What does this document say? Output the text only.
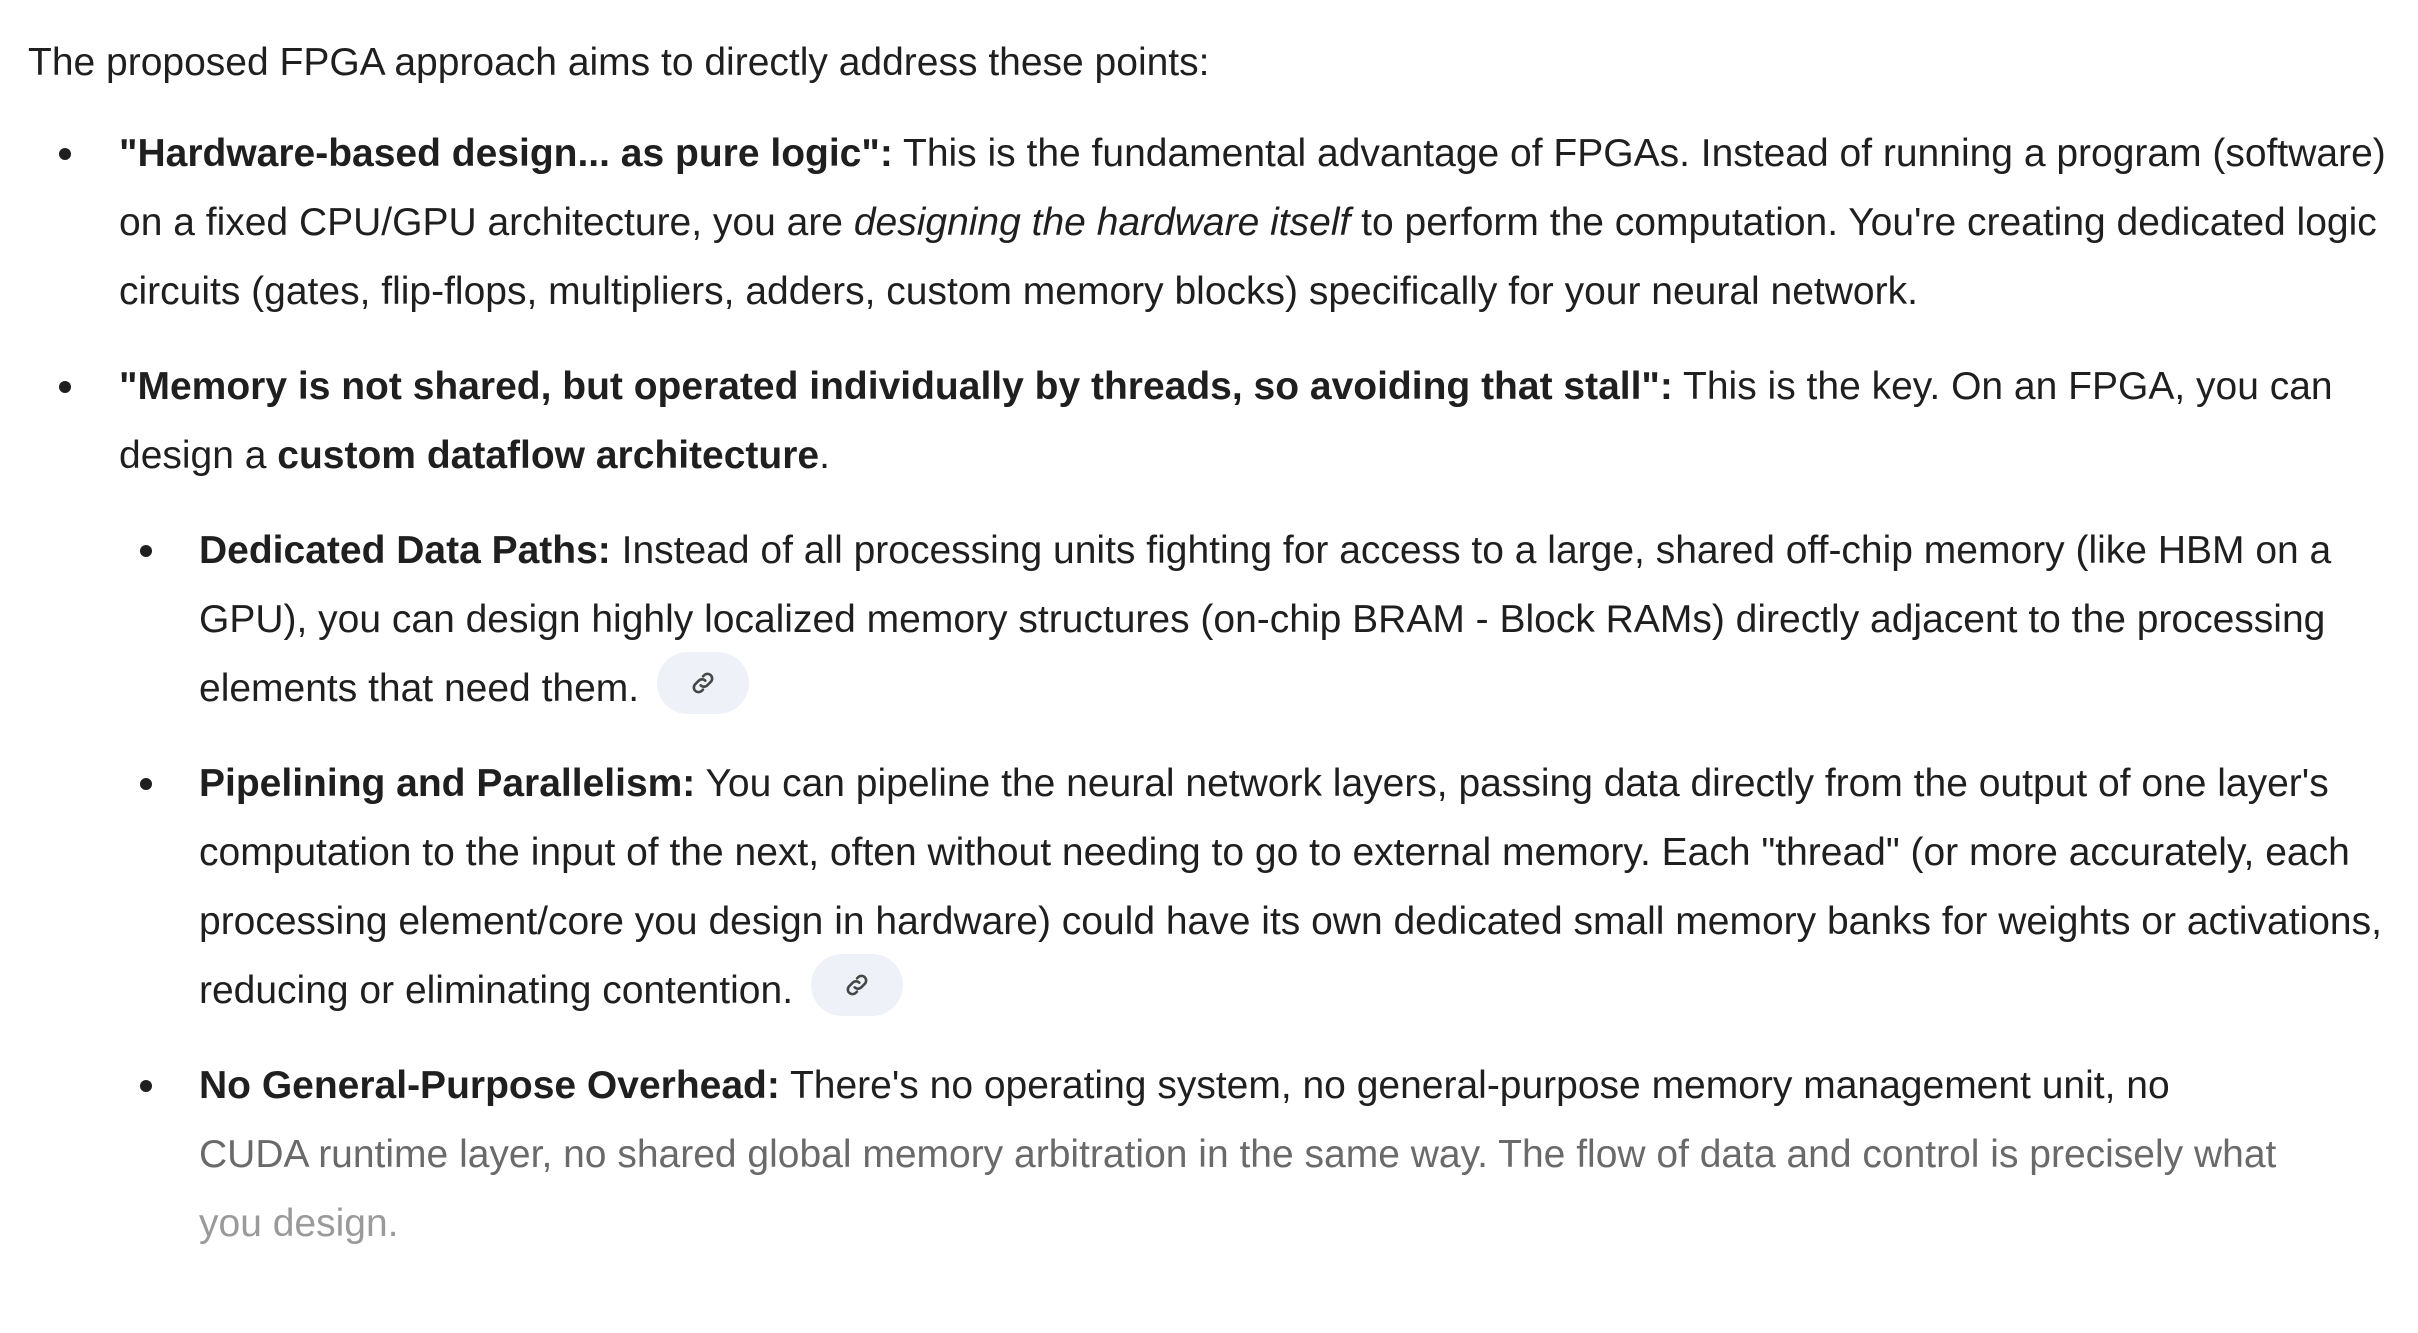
The proposed FPGA approach aims to directly address these points:

"Hardware-based design... as pure logic": This is the fundamental advantage of FPGAs. Instead of running a program (software) on a fixed CPU/GPU architecture, you are designing the hardware itself to perform the computation. You're creating dedicated logic circuits (gates, flip-flops, multipliers, adders, custom memory blocks) specifically for your neural network.
"Memory is not shared, but operated individually by threads, so avoiding that stall": This is the key. On an FPGA, you can design a custom dataflow architecture.
Dedicated Data Paths: Instead of all processing units fighting for access to a large, shared off-chip memory (like HBM on a GPU), you can design highly localized memory structures (on-chip BRAM - Block RAMs) directly adjacent to the processing elements that need them.
Pipelining and Parallelism: You can pipeline the neural network layers, passing data directly from the output of one layer's computation to the input of the next, often without needing to go to external memory. Each "thread" (or more accurately, each processing element/core you design in hardware) could have its own dedicated small memory banks for weights or activations, reducing or eliminating contention.
No General-Purpose Overhead: There's no operating system, no general-purpose memory management unit, no
CUDA runtime layer, no shared global memory arbitration in the same way. The flow of data and control is precisely what
you design.
